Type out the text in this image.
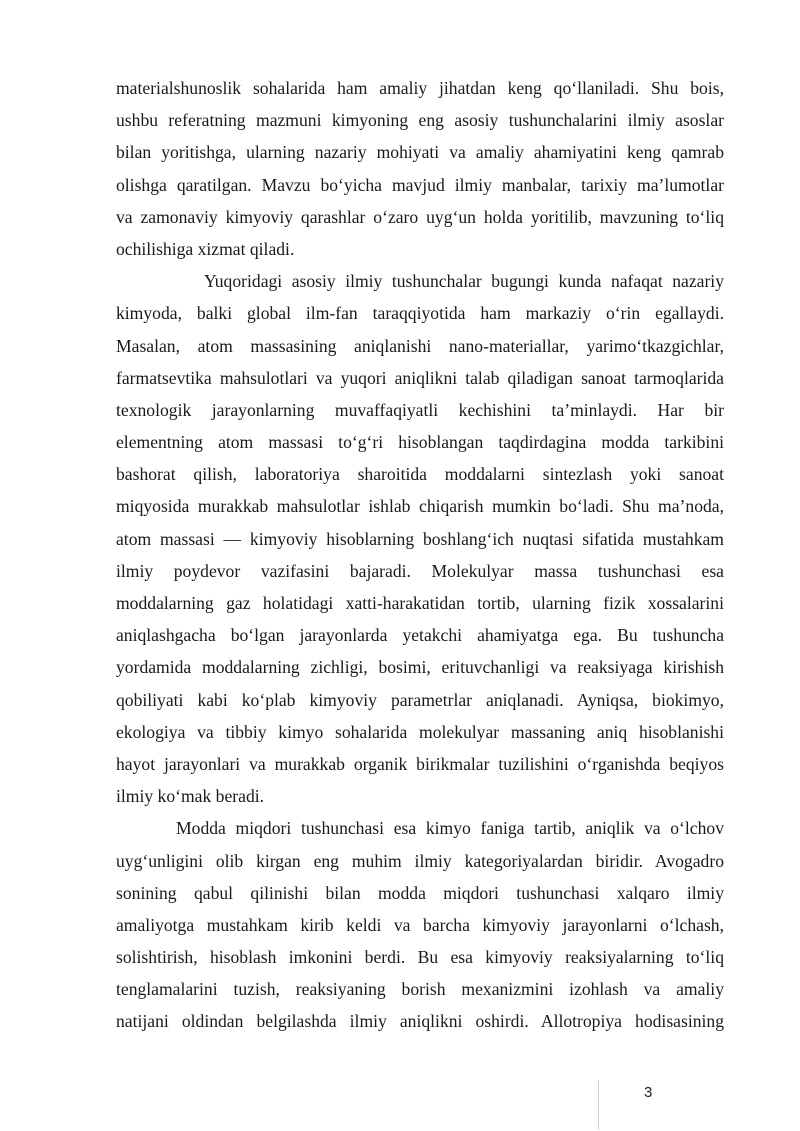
materialshunoslik sohalarida ham amaliy jihatdan keng qo‘llaniladi. Shu bois,
ushbu referatning mazmuni kimyoning eng asosiy tushunchalarini ilmiy asoslar
bilan yoritishga, ularning nazariy mohiyati va amaliy ahamiyatini keng qamrab
olishga qaratilgan. Mavzu bo‘yicha mavjud ilmiy manbalar, tarixiy ma’lumotlar
va zamonaviy kimyoviy qarashlar o‘zaro uyg‘un holda yoritilib, mavzuning to‘liq
ochilishiga xizmat qiladi.
Yuqoridagi asosiy ilmiy tushunchalar bugungi kunda nafaqat nazariy
kimyoda, balki global ilm-fan taraqqiyotida ham markaziy o‘rin egallaydi.
Masalan, atom massasining aniqlanishi nano-materiallar, yarimo‘tkazgichlar,
farmatsevtika mahsulotlari va yuqori aniqlikni talab qiladigan sanoat tarmoqlarida
texnologik jarayonlarning muvaffaqiyatli kechishini ta’minlaydi. Har bir
elementning atom massasi to‘g‘ri hisoblangan taqdirdagina modda tarkibini
bashorat qilish, laboratoriya sharoitida moddalarni sintezlash yoki sanoat
miqyosida murakkab mahsulotlar ishlab chiqarish mumkin bo‘ladi. Shu ma’noda,
atom massasi — kimyoviy hisoblarning boshlang‘ich nuqtasi sifatida mustahkam
ilmiy poydevor vazifasini bajaradi. Molekulyar massa tushunchasi esa
moddalarning gaz holatidagi xatti-harakatidan tortib, ularning fizik xossalarini
aniqlashgacha bo‘lgan jarayonlarda yetakchi ahamiyatga ega. Bu tushuncha
yordamida moddalarning zichligi, bosimi, erituvchanligi va reaksiyaga kirishish
qobiliyati kabi ko‘plab kimyoviy parametrlar aniqlanadi. Ayniqsa, biokimyo,
ekologiya va tibbiy kimyo sohalarida molekulyar massaning aniq hisoblanishi
hayot jarayonlari va murakkab organik birikmalar tuzilishini o‘rganishda beqiyos
ilmiy ko‘mak beradi.
Modda miqdori tushunchasi esa kimyo faniga tartib, aniqlik va o‘lchov
uyg‘unligini olib kirgan eng muhim ilmiy kategoriyalardan biridir. Avogadro
sonining qabul qilinishi bilan modda miqdori tushunchasi xalqaro ilmiy
amaliyotga mustahkam kirib keldi va barcha kimyoviy jarayonlarni o‘lchash,
solishtirish, hisoblash imkonini berdi. Bu esa kimyoviy reaksiyalarning to‘liq
tenglamalarini tuzish, reaksiyaning borish mexanizmini izohlash va amaliy
natijani oldindan belgilashda ilmiy aniqlikni oshirdi. Allotropiya hodisasining
3
